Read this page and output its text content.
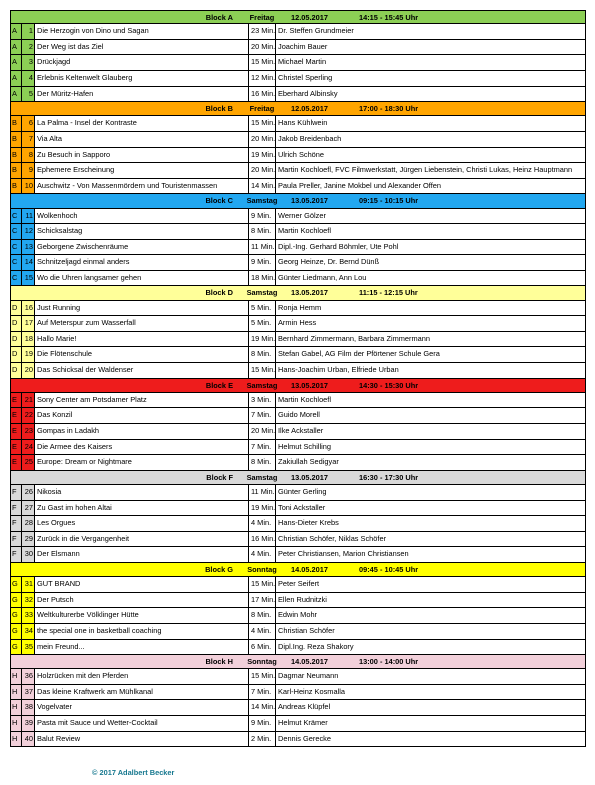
Block A	Freitag	12.05.2017	14:15 - 15:45 Uhr
A	1 Die Herzogin von Dino und Sagan	23 Min. Dr. Steffen Grundmeier
A	2 Der Weg ist das Ziel	20 Min. Joachim Bauer
A	3 Drückjagd	15 Min. Michael Martin
A	4 Erlebnis Keltenwelt Glauberg	12 Min. Christel Sperling
A	5 Der Müritz-Hafen	16 Min. Eberhard Albinsky
Block B	Freitag	12.05.2017	17:00 - 18:30 Uhr
B	6 La Palma - Insel der Kontraste	15 Min. Hans Kühlwein
B	7 Via Alta	20 Min. Jakob Breidenbach
B	8 Zu Besuch in Sapporo	19 Min. Ulrich Schöne
B	9 Ephemere Erscheinung	20 Min. Martin Kochloefl, FVC Filmwerkstatt, Jürgen Liebenstein, Christi Lukas, Heinz Hauptmann
B	10 Auschwitz - Von Massenmördern und Touristenmassen	14 Min. Paula Preller, Janine Mokbel und Alexander Offen
Block C	Samstag	13.05.2017	09:15 - 10:15 Uhr
C	11 Wolkenhoch	9 Min. Werner Gölzer
C	12 Schicksalstag	8 Min. Martin Kochloefl
C	13 Geborgene Zwischenräume	11 Min. Dipl.-Ing. Gerhard Böhmler, Ute Pohl
C	14 Schnitzeljagd einmal anders	9 Min. Georg Heinze, Dr. Bernd Dünß
C	15 Wo die Uhren langsamer gehen	18 Min. Günter Liedmann, Ann Lou
Block D	Samstag	13.05.2017	11:15 - 12:15 Uhr
D	16 Just Running	5 Min. Ronja Hemm
D	17 Auf Meterspur zum Wasserfall	5 Min. Armin Hess
D	18 Hallo Marie!	19 Min. Bernhard Zimmermann, Barbara Zimmermann
D	19 Die Flötenschule	8 Min. Stefan Gabel, AG Film der Pförtener Schule Gera
D	20 Das Schicksal der Waldenser	15 Min. Hans-Joachim Urban, Elfriede Urban
Block E	Samstag	13.05.2017	14:30 - 15:30 Uhr
E	21 Sony Center am Potsdamer Platz	3 Min. Martin Kochloefl
E	22 Das Konzil	7 Min. Guido Morell
E	23 Gompas in Ladakh	20 Min. Ilke Ackstaller
E	24 Die Armee des Kaisers	7 Min. Helmut Schilling
E	25 Europe: Dream or Nightmare	8 Min. Zakiullah Sedigyar
Block F	Samstag	13.05.2017	16:30 - 17:30 Uhr
F	26 Nikosia	11 Min. Günter Gerling
F	27 Zu Gast im hohen Altai	19 Min. Toni Ackstaller
F	28 Les Orgues	4 Min. Hans-Dieter Krebs
F	29 Zurück in die Vergangenheit	16 Min. Christian Schöfer, Niklas Schöfer
F	30 Der Elsmann	4 Min. Peter Christiansen, Marion Christiansen
Block G	Sonntag	14.05.2017	09:45 - 10:45 Uhr
G 31 GUT BRAND	15 Min. Peter Seifert
G 32 Der Putsch	17 Min. Ellen Rudnitzki
G 33 Weltkulturerbe Völklinger Hütte	8 Min. Edwin Mohr
G 34 the special one in basketball coaching	4 Min. Christian Schöfer
G 35 mein Freund...	6 Min. Dipl.Ing. Reza Shakory
Block H	Sonntag	14.05.2017	13:00 - 14:00 Uhr
H	36 Holzrücken mit den Pferden	15 Min. Dagmar Neumann
H	37 Das kleine Kraftwerk am Mühlkanal	7 Min. Karl-Heinz Kosmalla
H	38 Vogelvater	14 Min. Andreas Klüpfel
H	39 Pasta mit Sauce und Wetter-Cocktail	9 Min. Helmut Krämer
H	40 Balut Review	2 Min. Dennis Gerecke
© 2017 Adalbert Becker
